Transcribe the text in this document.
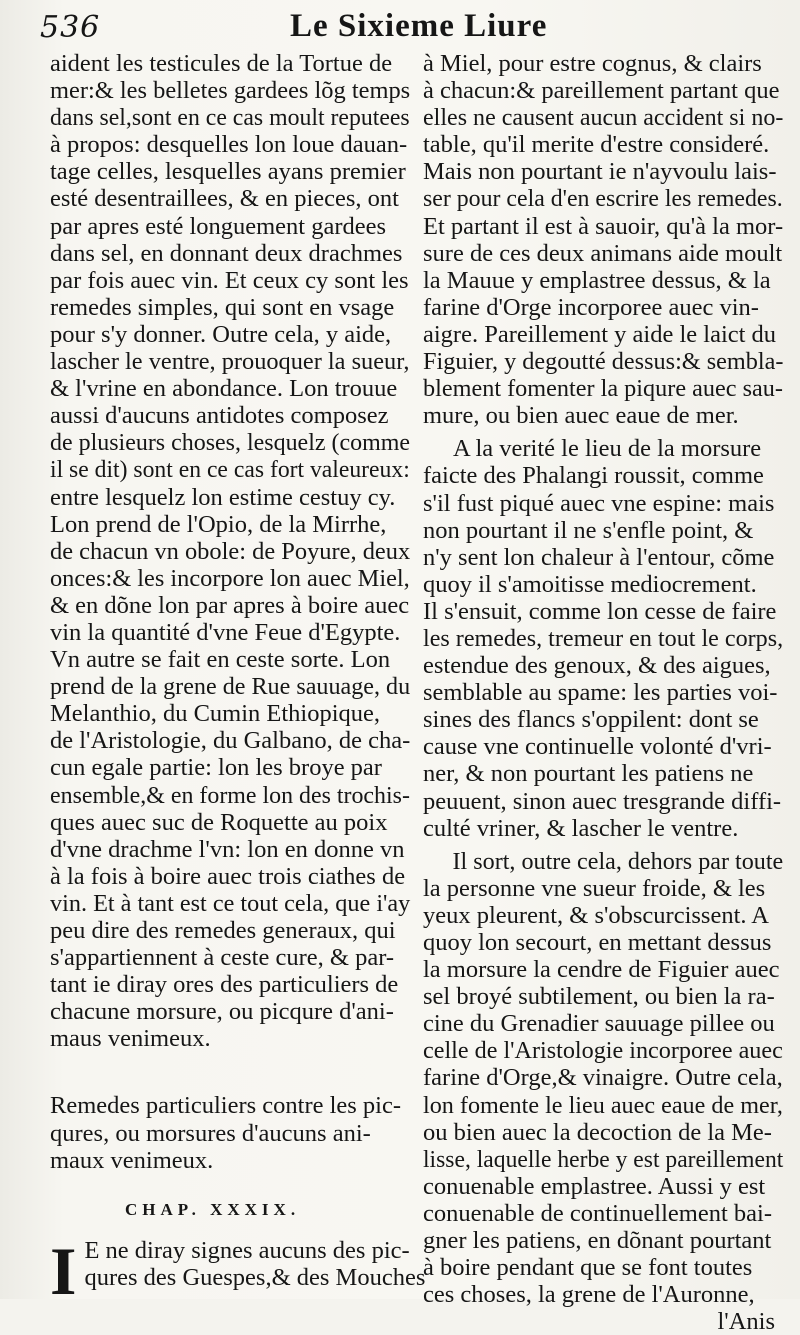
536	Le Sixieme Liure
aident les testicules de la Tortue de
mer:& les belletes gardees lõg temps
dans sel,sont en ce cas moult reputees
à propos: desquelles lon loue dauan-
tage celles, lesquelles ayans premier
esté desentraillees, & en pieces, ont
par apres esté longuement gardees
dans sel, en donnant deux drachmes
par fois auec vin. Et ceux cy sont les
remedes simples, qui sont en vsage
pour s'y donner. Outre cela, y aide,
lascher le ventre, prouoquer la sueur,
& l'vrine en abondance. Lon trouue
aussi d'aucuns antidotes composez
de plusieurs choses, lesquelz (comme
il se dit) sont en ce cas fort valeureux:
entre lesquelz lon estime cestuy cy.
Lon prend de l'Opio, de la Mirrhe,
de chacun vn obole: de Poyure, deux
onces:& les incorpore lon auec Miel,
& en dõne lon par apres à boire auec
vin la quantité d'vne Feue d'Egypte.
Vn autre se fait en ceste sorte. Lon
prend de la grene de Rue sauuage, du
Melanthio, du Cumin Ethiopique,
de l'Aristologie, du Galbano, de cha-
cun egale partie: lon les broye par
ensemble,& en forme lon des trochis-
ques auec suc de Roquette au poix
d'vne drachme l'vn: lon en donne vn
à la fois à boire auec trois ciathes de
vin. Et à tant est ce tout cela, que i'ay
peu dire des remedes generaux, qui
s'appartiennent à ceste cure, & par-
tant ie diray ores des particuliers de
chacune morsure, ou picqure d'ani-
maus venimeux.
Remedes particuliers contre les pic-
qures, ou morsures d'aucuns ani-
maux venimeux.
CHAP. XXXIX.
I E ne diray signes aucuns des pic-
qures des Guespes,& des Mouches
à Miel, pour estre cognus, & clairs
à chacun:& pareillement partant que
elles ne causent aucun accident si no-
table, qu'il merite d'estre consideré.
Mais non pourtant ie n'ayvoulu lais-
ser pour cela d'en escrire les remedes.
Et partant il est à sauoir, qu'à la mor-
sure de ces deux animans aide moult
la Mauue y emplastree dessus, & la
farine d'Orge incorporee auec vin-
aigre. Pareillement y aide le laict du
Figuier, y degoutté dessus:& sembla-
blement fomenter la piqure auec sau-
mure, ou bien auec eaue de mer.
A la verité le lieu de la morsure
faicte des Phalangi roussit, comme
s'il fust piqué auec vne espine: mais
non pourtant il ne s'enfle point, &
n'y sent lon chaleur à l'entour, cõme
quoy il s'amoitisse mediocrement.
Il s'ensuit, comme lon cesse de faire
les remedes, tremeur en tout le corps,
estendue des genoux, & des aigues,
semblable au spame: les parties voi-
sines des flancs s'oppilent: dont se
cause vne continuelle volonté d'vri-
ner, & non pourtant les patiens ne
peuuent, sinon auec tresgrande diffi-
culté vriner, & lascher le ventre.
Il sort, outre cela, dehors par toute
la personne vne sueur froide, & les
yeux pleurent, & s'obscurcissent. A
quoy lon secourt, en mettant dessus
la morsure la cendre de Figuier auec
sel broyé subtilement, ou bien la ra-
cine du Grenadier sauuage pillee ou
celle de l'Aristologie incorporee auec
farine d'Orge,& vinaigre. Outre cela,
lon fomente le lieu auec eaue de mer,
ou bien auec la decoction de la Me-
lisse, laquelle herbe y est pareillement
conuenable emplastree. Aussi y est
conuenable de continuellement bai-
gner les patiens, en dõnant pourtant
à boire pendant que se font toutes
ces choses, la grene de l'Auronne,
l'Anis
